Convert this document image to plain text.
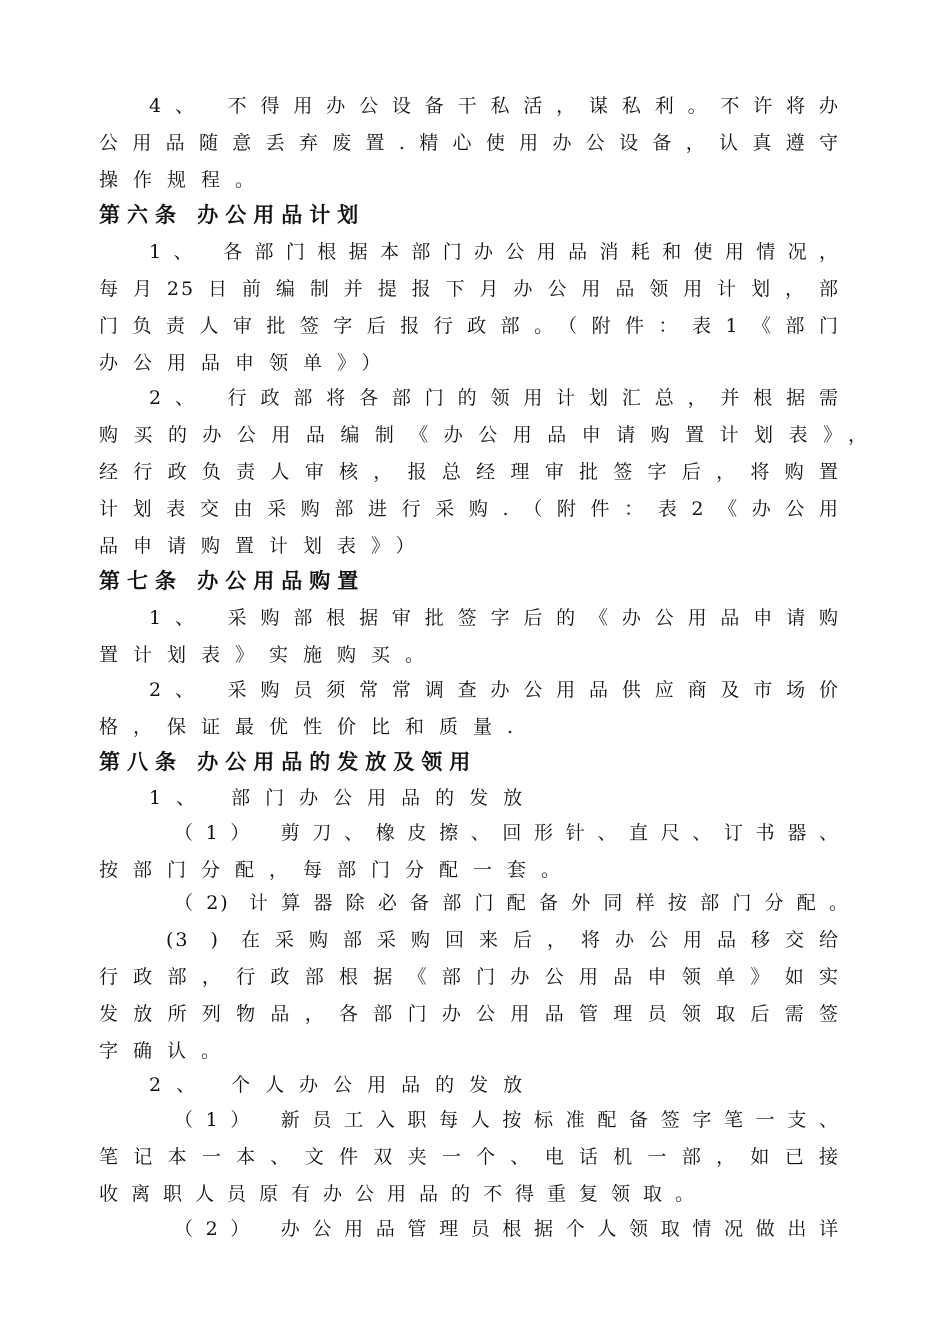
4、 不得用办公设备干私活，谋私利。不许将办
公用品随意丢弃废置.精心使用办公设备，认真遵守
操作规程。
第六条 办公用品计划
1、 各部门根据本部门办公用品消耗和使用情况，
每月25日前编制并提报下月办公用品领用计划，部
门负责人审批签字后报行政部。（附件：表1《部门
办公用品申领单》）
2、 行政部将各部门的领用计划汇总，并根据需
购买的办公用品编制《办公用品申请购置计划表》，
经行政负责人审核，报总经理审批签字后，将购置
计划表交由采购部进行采购.（附件：表2《办公用
品申请购置计划表》）
第七条 办公用品购置
1、 采购部根据审批签字后的《办公用品申请购
置计划表》实施购买。
2、 采购员须常常调查办公用品供应商及市场价
格，保证最优性价比和质量.
第八条 办公用品的发放及领用
1、 部门办公用品的发放
（1） 剪刀、橡皮擦、回形针、直尺、订书器、
按部门分配，每部门分配一套。
（2) 计算器除必备部门配备外同样按部门分配。
(3 ) 在采购部采购回来后，将办公用品移交给
行政部，行政部根据《部门办公用品申领单》如实
发放所列物品，各部门办公用品管理员领取后需签
字确认。
2、 个人办公用品的发放
（1） 新员工入职每人按标准配备签字笔一支、
笔记本一本、文件双夹一个、电话机一部，如已接
收离职人员原有办公用品的不得重复领取。
（2） 办公用品管理员根据个人领取情况做出详
